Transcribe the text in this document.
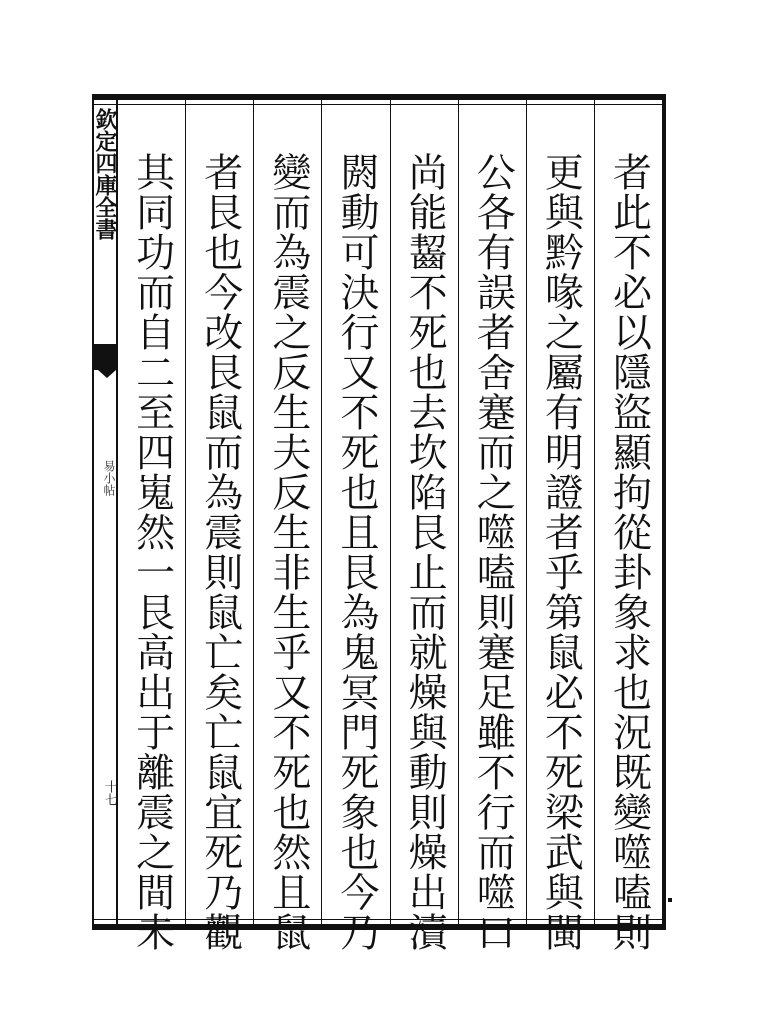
欽定四庫全書
易小帖
十七	者此不必以隱盜顯拘從卦象求也況既變噬嗑則
更與黔喙之屬有明證者乎第鼠必不死梁武與閩
公各有誤者舍蹇而之噬嗑則蹇足雖不行而噬口
尚能齧不死也去坎陷艮止而就燥與動則燥出瀆
閼動可決行又不死也且艮為鬼冥門死象也今乃
變而為震之反生夫反生非生乎又不死也然且鼠
者艮也今改艮鼠而為震則鼠亡矣亡鼠宜死乃觀
其同功而自二至四嵬然一艮高出于離震之間未
